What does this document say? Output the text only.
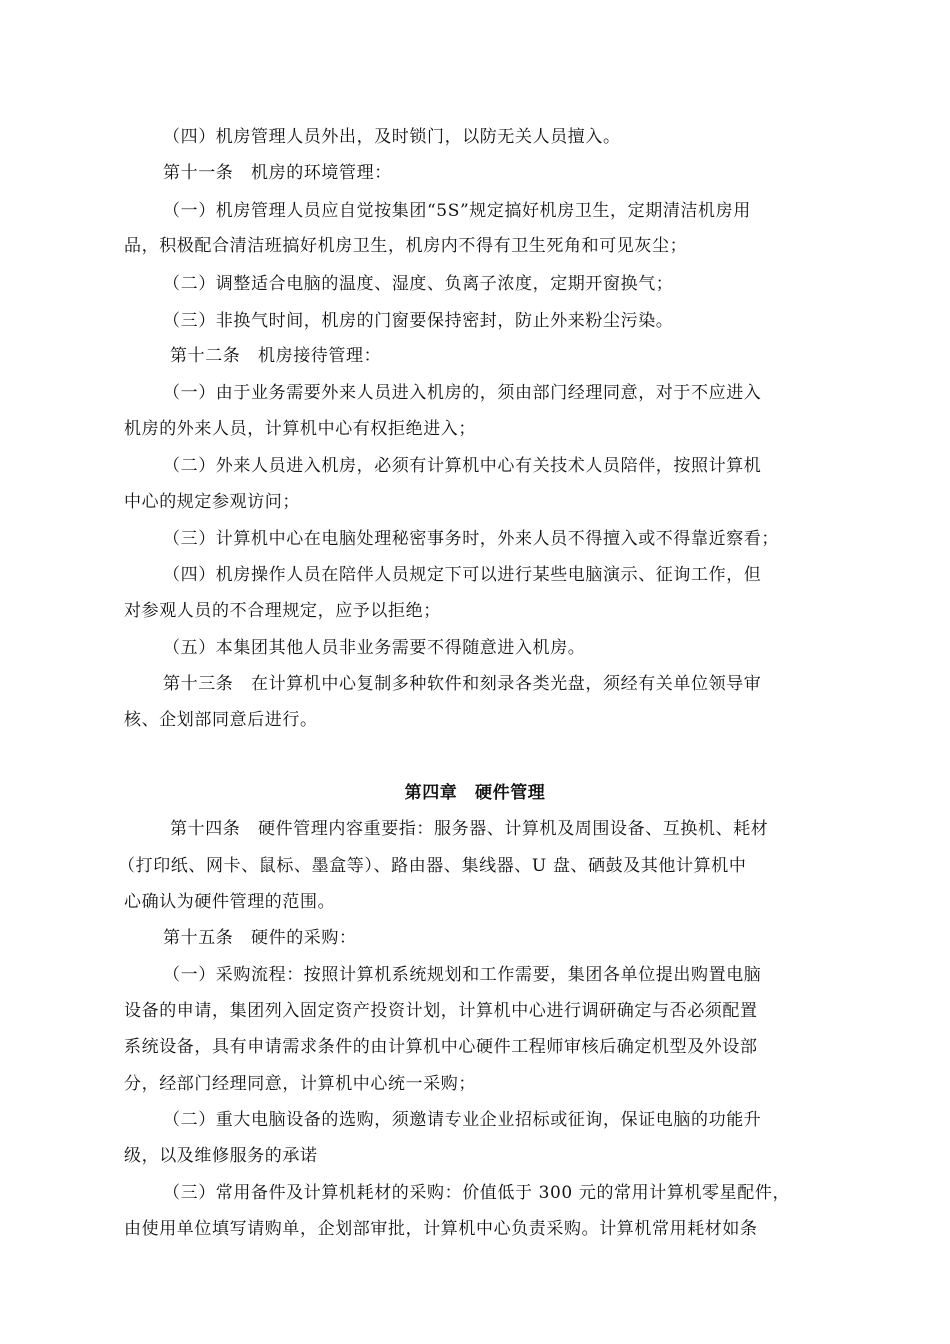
（四）机房管理人员外出，及时锁门，以防无关人员擅入。
第十一条　机房的环境管理：
（一）机房管理人员应自觉按集团“5S”规定搞好机房卫生，定期清洁机房用
品，积极配合清洁班搞好机房卫生，机房内不得有卫生死角和可见灰尘；
（二）调整适合电脑的温度、湿度、负离子浓度，定期开窗换气；
（三）非换气时间，机房的门窗要保持密封，防止外来粉尘污染。
第十二条　机房接待管理：
（一）由于业务需要外来人员进入机房的，须由部门经理同意，对于不应进入
机房的外来人员，计算机中心有权拒绝进入；
（二）外来人员进入机房，必须有计算机中心有关技术人员陪伴，按照计算机
中心的规定参观访问；
（三）计算机中心在电脑处理秘密事务时，外来人员不得擅入或不得靠近察看；
（四）机房操作人员在陪伴人员规定下可以进行某些电脑演示、征询工作，但
对参观人员的不合理规定，应予以拒绝；
（五）本集团其他人员非业务需要不得随意进入机房。
第十三条　在计算机中心复制多种软件和刻录各类光盘，须经有关单位领导审
核、企划部同意后进行。
第四章　硬件管理
第十四条　硬件管理内容重要指：服务器、计算机及周围设备、互换机、耗材
（打印纸、网卡、鼠标、墨盒等）、路由器、集线器、U 盘、硒鼓及其他计算机中
心确认为硬件管理的范围。
第十五条　硬件的采购：
（一）采购流程：按照计算机系统规划和工作需要，集团各单位提出购置电脑
设备的申请，集团列入固定资产投资计划，计算机中心进行调研确定与否必须配置
系统设备，具有申请需求条件的由计算机中心硬件工程师审核后确定机型及外设部
分，经部门经理同意，计算机中心统一采购；
（二）重大电脑设备的选购，须邀请专业企业招标或征询，保证电脑的功能升
级，以及维修服务的承诺
（三）常用备件及计算机耗材的采购：价值低于 300 元的常用计算机零星配件，
由使用单位填写请购单，企划部审批，计算机中心负责采购。计算机常用耗材如条
